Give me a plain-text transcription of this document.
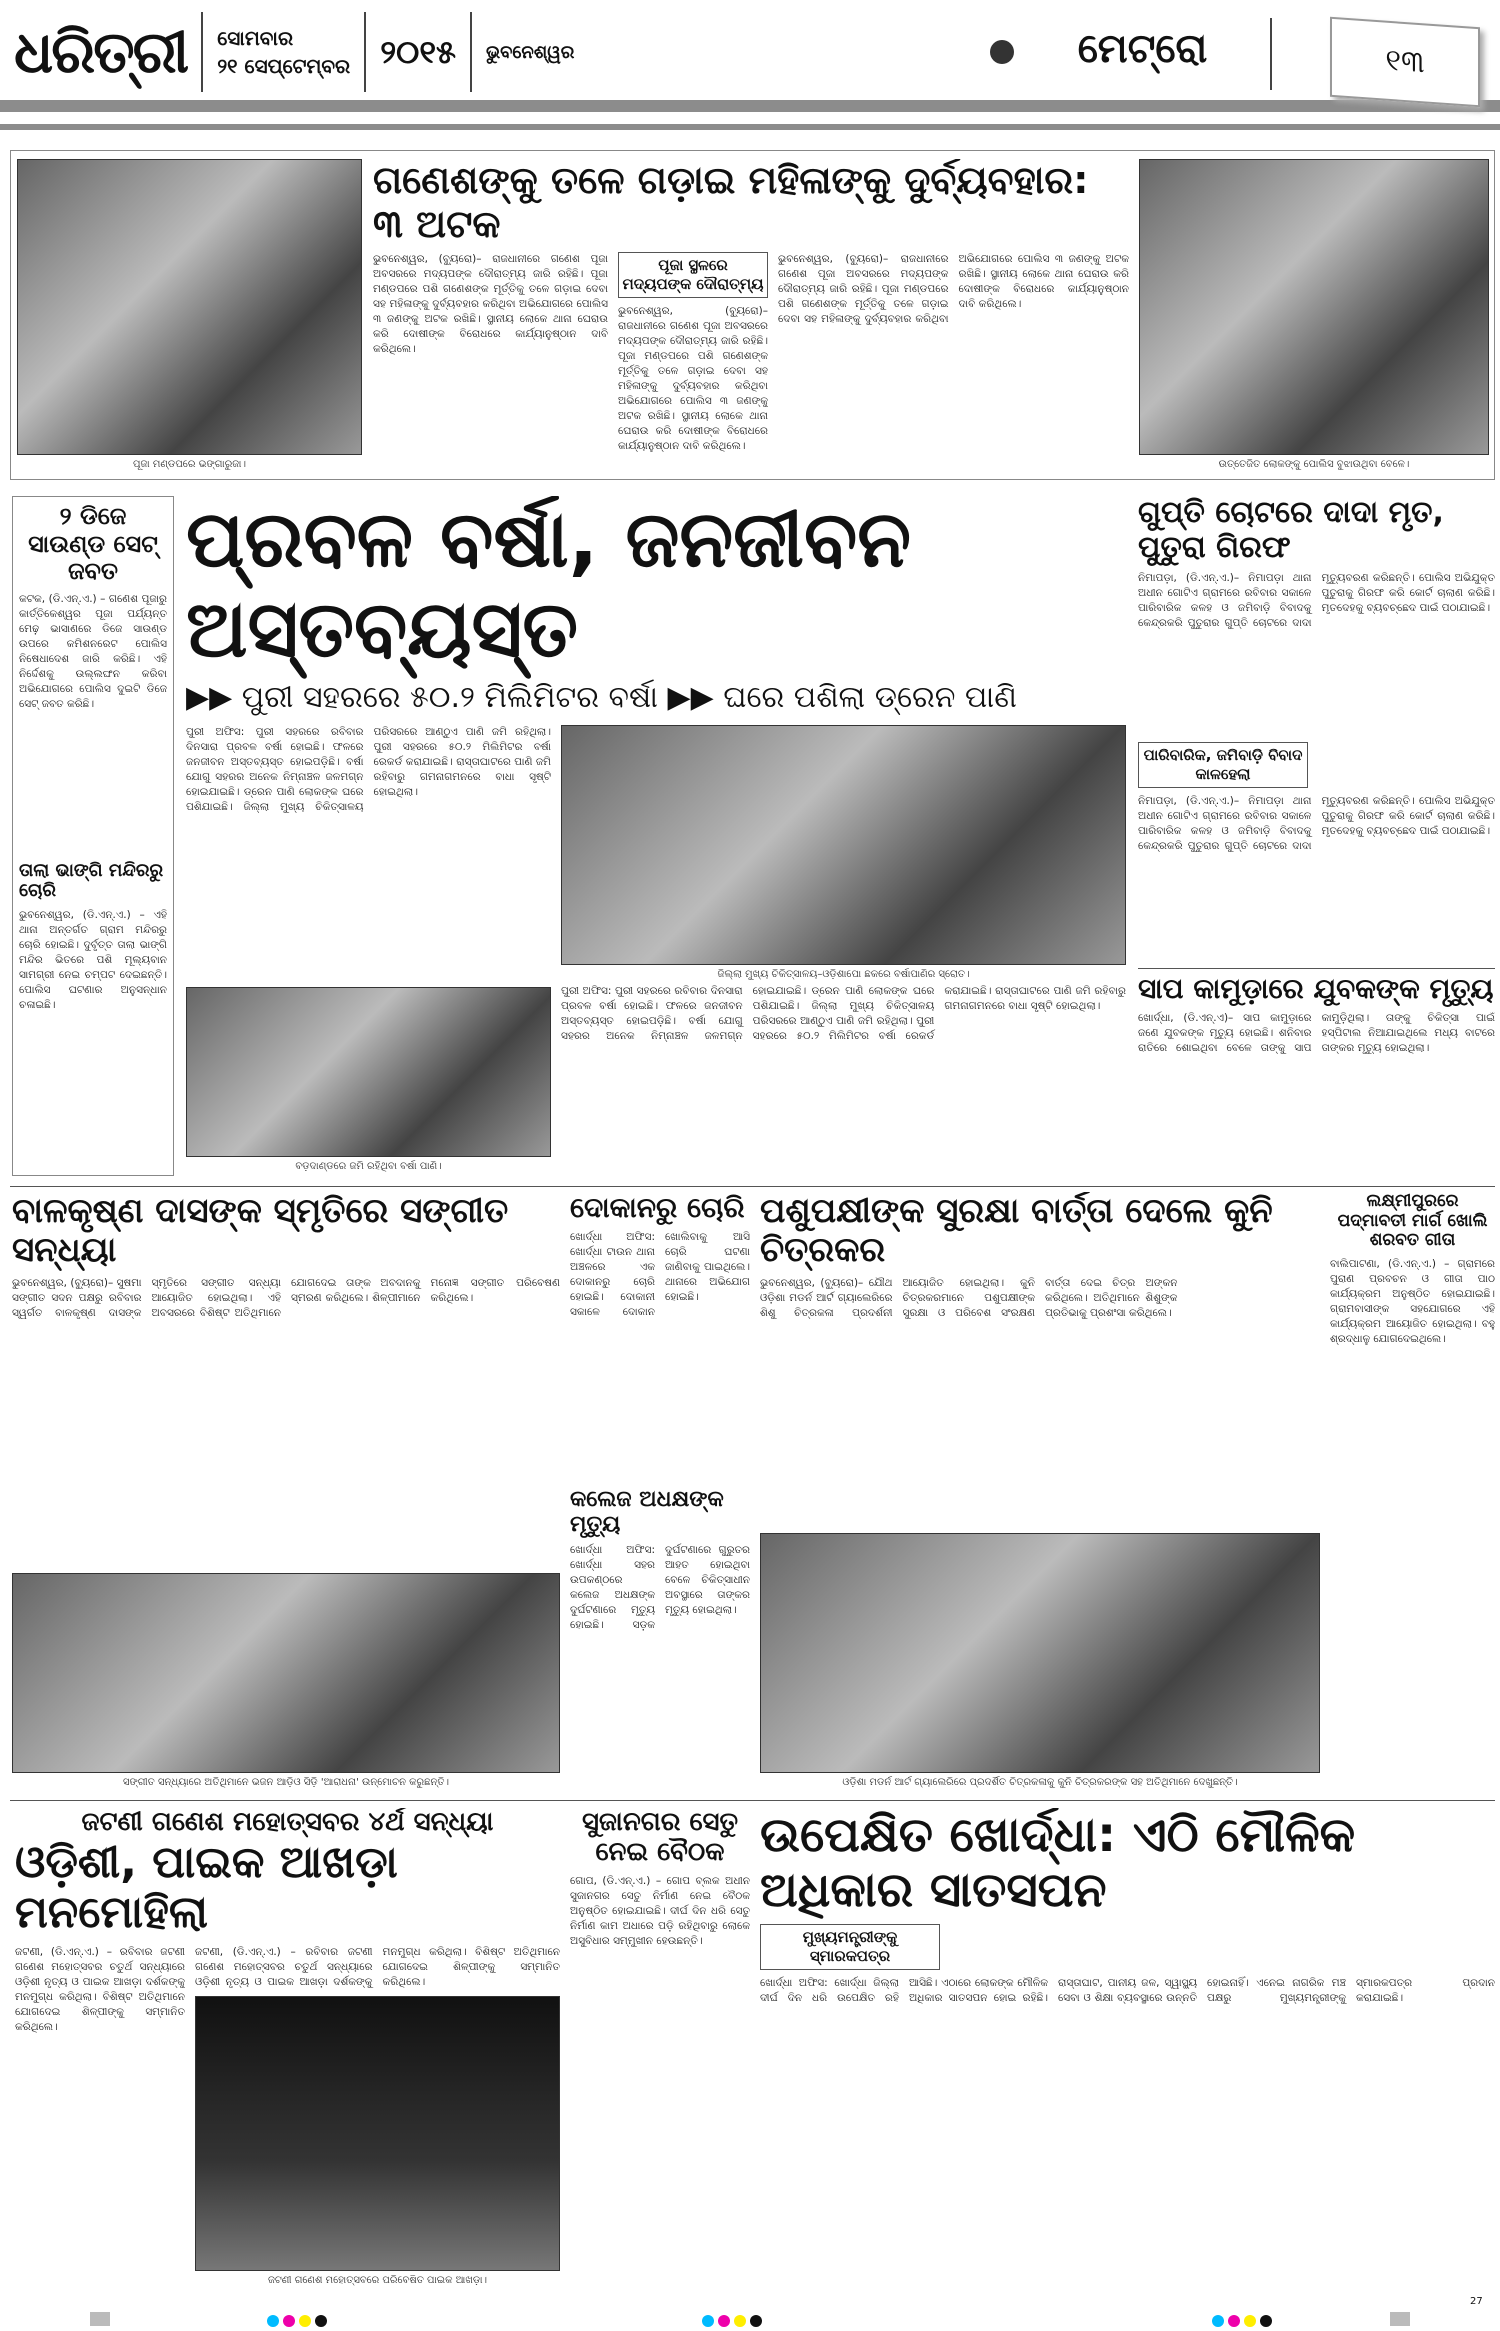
ଧରିତ୍ରୀ ସୋମବାର
୨୧ ସେପ୍ଟେମ୍ବର ୨୦୧୫ ଭୁବନେଶ୍ୱର	ମେଟ୍ରୋ	୧୩
ପୂଜା ମଣ୍ଡପରେ ଭଙ୍ଗାରୁଜା।
ଗଣେଶଙ୍କୁ ତଳେ ଗଡ଼ାଇ ମହିଳାଙ୍କୁ ଦୁର୍ବ୍ୟବହାର: ୩ ଅଟକ
ଭୁବନେଶ୍ୱର, (ବ୍ୟୁରୋ)– ରାଜଧାନୀରେ ଗଣେଶ ପୂଜା ଅବସରରେ ମଦ୍ୟପଙ୍କ ଦୌରାତ୍ମ୍ୟ ଜାରି ରହିଛି। ପୂଜା ମଣ୍ଡପରେ ପଶି ଗଣେଶଙ୍କ ମୂର୍ତ୍ତିକୁ ତଳେ ଗଡ଼ାଇ ଦେବା ସହ ମହିଳାଙ୍କୁ ଦୁର୍ବ୍ୟବହାର କରିଥିବା ଅଭିଯୋଗରେ ପୋଲିସ ୩ ଜଣଙ୍କୁ ଅଟକ ରଖିଛି। ସ୍ଥାନୀୟ ଲୋକେ ଥାନା ଘେରାଉ କରି ଦୋଷୀଙ୍କ ବିରୋଧରେ କାର୍ଯ୍ୟାନୁଷ୍ଠାନ ଦାବି କରିଥିଲେ।
ପୂଜା ସ୍ଥଳରେ ମଦ୍ୟପଙ୍କ ଦୌରାତ୍ମ୍ୟ
ଭୁବନେଶ୍ୱର, (ବ୍ୟୁରୋ)– ରାଜଧାନୀରେ ଗଣେଶ ପୂଜା ଅବସରରେ ମଦ୍ୟପଙ୍କ ଦୌରାତ୍ମ୍ୟ ଜାରି ରହିଛି। ପୂଜା ମଣ୍ଡପରେ ପଶି ଗଣେଶଙ୍କ ମୂର୍ତ୍ତିକୁ ତଳେ ଗଡ଼ାଇ ଦେବା ସହ ମହିଳାଙ୍କୁ ଦୁର୍ବ୍ୟବହାର କରିଥିବା ଅଭିଯୋଗରେ ପୋଲିସ ୩ ଜଣଙ୍କୁ ଅଟକ ରଖିଛି। ସ୍ଥାନୀୟ ଲୋକେ ଥାନା ଘେରାଉ କରି ଦୋଷୀଙ୍କ ବିରୋଧରେ କାର୍ଯ୍ୟାନୁଷ୍ଠାନ ଦାବି କରିଥିଲେ।
ଭୁବନେଶ୍ୱର, (ବ୍ୟୁରୋ)– ରାଜଧାନୀରେ ଗଣେଶ ପୂଜା ଅବସରରେ ମଦ୍ୟପଙ୍କ ଦୌରାତ୍ମ୍ୟ ଜାରି ରହିଛି। ପୂଜା ମଣ୍ଡପରେ ପଶି ଗଣେଶଙ୍କ ମୂର୍ତ୍ତିକୁ ତଳେ ଗଡ଼ାଇ ଦେବା ସହ ମହିଳାଙ୍କୁ ଦୁର୍ବ୍ୟବହାର କରିଥିବା ଅଭିଯୋଗରେ ପୋଲିସ ୩ ଜଣଙ୍କୁ ଅଟକ ରଖିଛି। ସ୍ଥାନୀୟ ଲୋକେ ଥାନା ଘେରାଉ କରି ଦୋଷୀଙ୍କ ବିରୋଧରେ କାର୍ଯ୍ୟାନୁଷ୍ଠାନ ଦାବି କରିଥିଲେ।
ଉତ୍ତେଜିତ ଲୋକଙ୍କୁ ପୋଲିସ ବୁଝାଉଥିବା ବେଳେ।
୨ ଡିଜେ ସାଉଣ୍ଡ ସେଟ୍ ଜବତ
କଟକ, (ଡି.ଏନ୍.ଏ.) – ଗଣେଶ ପୂଜାରୁ କାର୍ତ୍ତିକେଶ୍ୱର ପୂଜା ପର୍ଯ୍ୟନ୍ତ ମେଢ଼ ଭାସାଣରେ ଡିଜେ ସାଉଣ୍ଡ ଉପରେ କମିଶନରେଟ ପୋଲିସ ନିଷେଧାଦେଶ ଜାରି କରିଛି। ଏହି ନିର୍ଦ୍ଦେଶକୁ ଉଲ୍ଲଙ୍ଘନ କରିବା ଅଭିଯୋଗରେ ପୋଲିସ ଦୁଇଟି ଡିଜେ ସେଟ୍ ଜବତ କରିଛି।
ତାଲା ଭାଙ୍ଗି ମନ୍ଦିରରୁ ଚୋରି
ଭୁବନେଶ୍ୱର, (ଡି.ଏନ୍.ଏ.) – ଏହି ଥାନା ଅନ୍ତର୍ଗତ ଗ୍ରାମ ମନ୍ଦିରରୁ ଚୋରି ହୋଇଛି। ଦୁର୍ବୃତ୍ତ ତାଲା ଭାଙ୍ଗି ମନ୍ଦିର ଭିତରେ ପଶି ମୂଲ୍ୟବାନ ସାମଗ୍ରୀ ନେଇ ଚମ୍ପଟ ଦେଇଛନ୍ତି। ପୋଲିସ ଘଟଣାର ଅନୁସନ୍ଧାନ ଚଳାଇଛି।
ପ୍ରବଳ ବର୍ଷା, ଜନଜୀବନ ଅସ୍ତବ୍ୟସ୍ତ
▶▶ ପୁରୀ ସହରରେ ୫୦.୨ ମିଲିମିଟର ବର୍ଷା ▶▶ ଘରେ ପଶିଲା ଡ୍ରେନ ପାଣି
ପୁରୀ ଅଫିସ: ପୁରୀ ସହରରେ ରବିବାର ଦିନସାରା ପ୍ରବଳ ବର୍ଷା ହୋଇଛି। ଫଳରେ ଜନଜୀବନ ଅସ୍ତବ୍ୟସ୍ତ ହୋଇପଡ଼ିଛି। ବର୍ଷା ଯୋଗୁ ସହରର ଅନେକ ନିମ୍ନାଞ୍ଚଳ ଜଳମଗ୍ନ ହୋଇଯାଇଛି। ଡ୍ରେନ ପାଣି ଲୋକଙ୍କ ଘରେ ପଶିଯାଇଛି। ଜିଲ୍ଲା ମୁଖ୍ୟ ଚିକିତ୍ସାଳୟ ପରିସରରେ ଆଣ୍ଠୁଏ ପାଣି ଜମି ରହିଥିଲା। ପୁରୀ ସହରରେ ୫୦.୨ ମିଲିମିଟର ବର୍ଷା ରେକର୍ଡ କରାଯାଇଛି। ରାସ୍ତାଘାଟରେ ପାଣି ଜମି ରହିବାରୁ ଗମନାଗମନରେ ବାଧା ସୃଷ୍ଟି ହୋଇଥିଲା।
ବଡ଼ଦାଣ୍ଡରେ ଜମି ରହିଥିବା ବର୍ଷା ପାଣି।
ଜିଲ୍ଲା ମୁଖ୍ୟ ଚିକିତ୍ସାଳୟ–ଓଡ଼ିଶାପୋ ଛକରେ ବର୍ଷାପାଣିର ସ୍ରୋତ।
ପୁରୀ ଅଫିସ: ପୁରୀ ସହରରେ ରବିବାର ଦିନସାରା ପ୍ରବଳ ବର୍ଷା ହୋଇଛି। ଫଳରେ ଜନଜୀବନ ଅସ୍ତବ୍ୟସ୍ତ ହୋଇପଡ଼ିଛି। ବର୍ଷା ଯୋଗୁ ସହରର ଅନେକ ନିମ୍ନାଞ୍ଚଳ ଜଳମଗ୍ନ ହୋଇଯାଇଛି। ଡ୍ରେନ ପାଣି ଲୋକଙ୍କ ଘରେ ପଶିଯାଇଛି। ଜିଲ୍ଲା ମୁଖ୍ୟ ଚିକିତ୍ସାଳୟ ପରିସରରେ ଆଣ୍ଠୁଏ ପାଣି ଜମି ରହିଥିଲା। ପୁରୀ ସହରରେ ୫୦.୨ ମିଲିମିଟର ବର୍ଷା ରେକର୍ଡ କରାଯାଇଛି। ରାସ୍ତାଘାଟରେ ପାଣି ଜମି ରହିବାରୁ ଗମନାଗମନରେ ବାଧା ସୃଷ୍ଟି ହୋଇଥିଲା।
ଗୁପ୍ତି ଚୋଟରେ ଦାଦା ମୃତ, ପୁତୁରା ଗିରଫ
ନିମାପଡ଼ା, (ଡି.ଏନ୍.ଏ.)– ନିମାପଡ଼ା ଥାନା ଅଧୀନ ଗୋଟିଏ ଗ୍ରାମରେ ରବିବାର ସକାଳେ ପାରିବାରିକ କଳହ ଓ ଜମିବାଡ଼ି ବିବାଦକୁ କେନ୍ଦ୍ରକରି ପୁତୁରାର ଗୁପ୍ତି ଚୋଟରେ ଦାଦା ମୃତ୍ୟୁବରଣ କରିଛନ୍ତି। ପୋଲିସ ଅଭିଯୁକ୍ତ ପୁତୁରାକୁ ଗିରଫ କରି କୋର୍ଟ ଚାଲାଣ କରିଛି। ମୃତଦେହକୁ ବ୍ୟବଚ୍ଛେଦ ପାଇଁ ପଠାଯାଇଛି।
ପାରିବାରିକ, ଜମିବାଡ଼ି ବିବାଦ କାଳହେଲା
ନିମାପଡ଼ା, (ଡି.ଏନ୍.ଏ.)– ନିମାପଡ଼ା ଥାନା ଅଧୀନ ଗୋଟିଏ ଗ୍ରାମରେ ରବିବାର ସକାଳେ ପାରିବାରିକ କଳହ ଓ ଜମିବାଡ଼ି ବିବାଦକୁ କେନ୍ଦ୍ରକରି ପୁତୁରାର ଗୁପ୍ତି ଚୋଟରେ ଦାଦା ମୃତ୍ୟୁବରଣ କରିଛନ୍ତି। ପୋଲିସ ଅଭିଯୁକ୍ତ ପୁତୁରାକୁ ଗିରଫ କରି କୋର୍ଟ ଚାଲାଣ କରିଛି। ମୃତଦେହକୁ ବ୍ୟବଚ୍ଛେଦ ପାଇଁ ପଠାଯାଇଛି।
ସାପ କାମୁଡ଼ାରେ ଯୁବକଙ୍କ ମୃତ୍ୟୁ
ଖୋର୍ଦ୍ଧା, (ଡି.ଏନ୍.ଏ)– ସାପ କାମୁଡ଼ାରେ ଜଣେ ଯୁବକଙ୍କ ମୃତ୍ୟୁ ହୋଇଛି। ଶନିବାର ରାତିରେ ଶୋଇଥିବା ବେଳେ ତାଙ୍କୁ ସାପ କାମୁଡ଼ିଥିଲା। ତାଙ୍କୁ ଚିକିତ୍ସା ପାଇଁ ହସ୍ପିଟାଲ ନିଆଯାଇଥିଲେ ମଧ୍ୟ ବାଟରେ ତାଙ୍କର ମୃତ୍ୟୁ ହୋଇଥିଲା।
ବାଳକୃଷ୍ଣ ଦାସଙ୍କ ସ୍ମୃତିରେ ସଙ୍ଗୀତ ସନ୍ଧ୍ୟା
ଭୁବନେଶ୍ୱର, (ବ୍ୟୁରୋ)– ସୁଷମା ସଙ୍ଗୀତ ସଦନ ପକ୍ଷରୁ ରବିବାର ସ୍ୱର୍ଗତ ବାଳକୃଷ୍ଣ ଦାସଙ୍କ ସ୍ମୃତିରେ ସଙ୍ଗୀତ ସନ୍ଧ୍ୟା ଆୟୋଜିତ ହୋଇଥିଲା। ଏହି ଅବସରରେ ବିଶିଷ୍ଟ ଅତିଥିମାନେ ଯୋଗଦେଇ ତାଙ୍କ ଅବଦାନକୁ ସ୍ମରଣ କରିଥିଲେ। ଶିଳ୍ପୀମାନେ ମନୋଜ୍ଞ ସଙ୍ଗୀତ ପରିବେଷଣ କରିଥିଲେ।
ସଙ୍ଗୀତ ସନ୍ଧ୍ୟାରେ ଅତିଥିମାନେ ଭଜନ ଆଡ଼ିଓ ସିଡ଼ି 'ଆରାଧନା' ଉନ୍ମୋଚନ କରୁଛନ୍ତି।
ଦୋକାନରୁ ଚୋରି
ଖୋର୍ଦ୍ଧା ଅଫିସ: ଖୋର୍ଦ୍ଧା ଟାଉନ ଥାନା ଅଞ୍ଚଳରେ ଏକ ଦୋକାନରୁ ଚୋରି ହୋଇଛି। ଦୋକାନୀ ସକାଳେ ଦୋକାନ ଖୋଲିବାକୁ ଆସି ଚୋରି ଘଟଣା ଜାଣିବାକୁ ପାଇଥିଲେ। ଥାନାରେ ଅଭିଯୋଗ ହୋଇଛି।
କଲେଜ ଅଧକ୍ଷଙ୍କ ମୃତ୍ୟୁ
ଖୋର୍ଦ୍ଧା ଅଫିସ: ଖୋର୍ଦ୍ଧା ସହର ଉପକଣ୍ଠରେ କଲେଜ ଅଧକ୍ଷଙ୍କ ଦୁର୍ଘଟଣାରେ ମୃତ୍ୟୁ ହୋଇଛି। ସଡ଼କ ଦୁର୍ଘଟଣାରେ ଗୁରୁତର ଆହତ ହୋଇଥିବା ବେଳେ ଚିକିତ୍ସାଧୀନ ଅବସ୍ଥାରେ ତାଙ୍କର ମୃତ୍ୟୁ ହୋଇଥିଲା।
ପଶୁପକ୍ଷୀଙ୍କ ସୁରକ୍ଷା ବାର୍ତ୍ତା ଦେଲେ କୁନି ଚିତ୍ରକର
ଭୁବନେଶ୍ୱର, (ବ୍ୟୁରୋ)– ଯୌଥ ଓଡ଼ିଶା ମଡର୍ନ ଆର୍ଟ ଗ୍ୟାଲେରିରେ ଶିଶୁ ଚିତ୍ରକଳା ପ୍ରଦର୍ଶନୀ ଆୟୋଜିତ ହୋଇଥିଲା। କୁନି ଚିତ୍ରକରମାନେ ପଶୁପକ୍ଷୀଙ୍କ ସୁରକ୍ଷା ଓ ପରିବେଶ ସଂରକ୍ଷଣ ବାର୍ତ୍ତା ଦେଇ ଚିତ୍ର ଅଙ୍କନ କରିଥିଲେ। ଅତିଥିମାନେ ଶିଶୁଙ୍କ ପ୍ରତିଭାକୁ ପ୍ରଶଂସା କରିଥିଲେ।
ଓଡ଼ିଶା ମଡର୍ନ ଆର୍ଟ ଗ୍ୟାଲେରିରେ ପ୍ରଦର୍ଶିତ ଚିତ୍ରକଳାକୁ କୁନି ଚିତ୍ରକରଙ୍କ ସହ ଅତିଥିମାନେ ଦେଖୁଛନ୍ତି।
ଲକ୍ଷ୍ମୀପୁରରେ ପଦ୍ମାବତୀ ମାର୍ଗ ଖୋଲି ଶରବତ ଗୀତା
ବାଲିପାଟଣା, (ଡି.ଏନ୍.ଏ.) – ଗ୍ରାମରେ ପୁରାଣ ପ୍ରବଚନ ଓ ଗୀତା ପାଠ କାର୍ଯ୍ୟକ୍ରମ ଅନୁଷ୍ଠିତ ହୋଇଯାଇଛି। ଗ୍ରାମବାସୀଙ୍କ ସହଯୋଗରେ ଏହି କାର୍ଯ୍ୟକ୍ରମ ଆୟୋଜିତ ହୋଇଥିଲା। ବହୁ ଶ୍ରଦ୍ଧାଳୁ ଯୋଗଦେଇଥିଲେ।
ଜଟଣୀ ଗଣେଶ ମହୋତ୍ସବର ୪ର୍ଥ ସନ୍ଧ୍ୟା
ଓଡ଼ିଶୀ, ପାଇକ ଆଖଡ଼ା ମନମୋହିଲା
ଜଟଣୀ, (ଡି.ଏନ୍.ଏ.) – ରବିବାର ଜଟଣୀ ଗଣେଶ ମହୋତ୍ସବର ଚତୁର୍ଥ ସନ୍ଧ୍ୟାରେ ଓଡ଼ିଶୀ ନୃତ୍ୟ ଓ ପାଇକ ଆଖଡ଼ା ଦର୍ଶକଙ୍କୁ ମନମୁଗ୍ଧ କରିଥିଲା। ବିଶିଷ୍ଟ ଅତିଥିମାନେ ଯୋଗଦେଇ ଶିଳ୍ପୀଙ୍କୁ ସମ୍ମାନିତ କରିଥିଲେ।
ଜଟଣୀ, (ଡି.ଏନ୍.ଏ.) – ରବିବାର ଜଟଣୀ ଗଣେଶ ମହୋତ୍ସବର ଚତୁର୍ଥ ସନ୍ଧ୍ୟାରେ ଓଡ଼ିଶୀ ନୃତ୍ୟ ଓ ପାଇକ ଆଖଡ଼ା ଦର୍ଶକଙ୍କୁ ମନମୁଗ୍ଧ କରିଥିଲା। ବିଶିଷ୍ଟ ଅତିଥିମାନେ ଯୋଗଦେଇ ଶିଳ୍ପୀଙ୍କୁ ସମ୍ମାନିତ କରିଥିଲେ।
ଜଟଣୀ ଗଣେଶ ମହୋତ୍ସବରେ ପରିବେଷିତ ପାଇକ ଆଖଡ଼ା।
ସୁଜାନଗର ସେତୁ ନେଇ ବୈଠକ
ଗୋପ, (ଡି.ଏନ୍.ଏ.) – ଗୋପ ବ୍ଲକ ଅଧୀନ ସୁଜାନଗର ସେତୁ ନିର୍ମାଣ ନେଇ ବୈଠକ ଅନୁଷ୍ଠିତ ହୋଇଯାଇଛି। ଦୀର୍ଘ ଦିନ ଧରି ସେତୁ ନିର୍ମାଣ କାମ ଅଧାରେ ପଡ଼ି ରହିଥିବାରୁ ଲୋକେ ଅସୁବିଧାର ସମ୍ମୁଖୀନ ହେଉଛନ୍ତି।
ଉପେକ୍ଷିତ ଖୋର୍ଦ୍ଧା: ଏଠି ମୌଳିକ ଅଧିକାର ସାତସପନ
ମୁଖ୍ୟମନ୍ତ୍ରୀଙ୍କୁ ସ୍ମାରକପତ୍ର
ଖୋର୍ଦ୍ଧା ଅଫିସ: ଖୋର୍ଦ୍ଧା ଜିଲ୍ଲା ଦୀର୍ଘ ଦିନ ଧରି ଉପେକ୍ଷିତ ରହି ଆସିଛି। ଏଠାରେ ଲୋକଙ୍କ ମୌଳିକ ଅଧିକାର ସାତସପନ ହୋଇ ରହିଛି। ରାସ୍ତାଘାଟ, ପାନୀୟ ଜଳ, ସ୍ୱାସ୍ଥ୍ୟ ସେବା ଓ ଶିକ୍ଷା ବ୍ୟବସ୍ଥାରେ ଉନ୍ନତି ହୋଇନାହିଁ। ଏନେଇ ନାଗରିକ ମଞ୍ଚ ପକ୍ଷରୁ ମୁଖ୍ୟମନ୍ତ୍ରୀଙ୍କୁ ସ୍ମାରକପତ୍ର ପ୍ରଦାନ କରାଯାଇଛି।
27
